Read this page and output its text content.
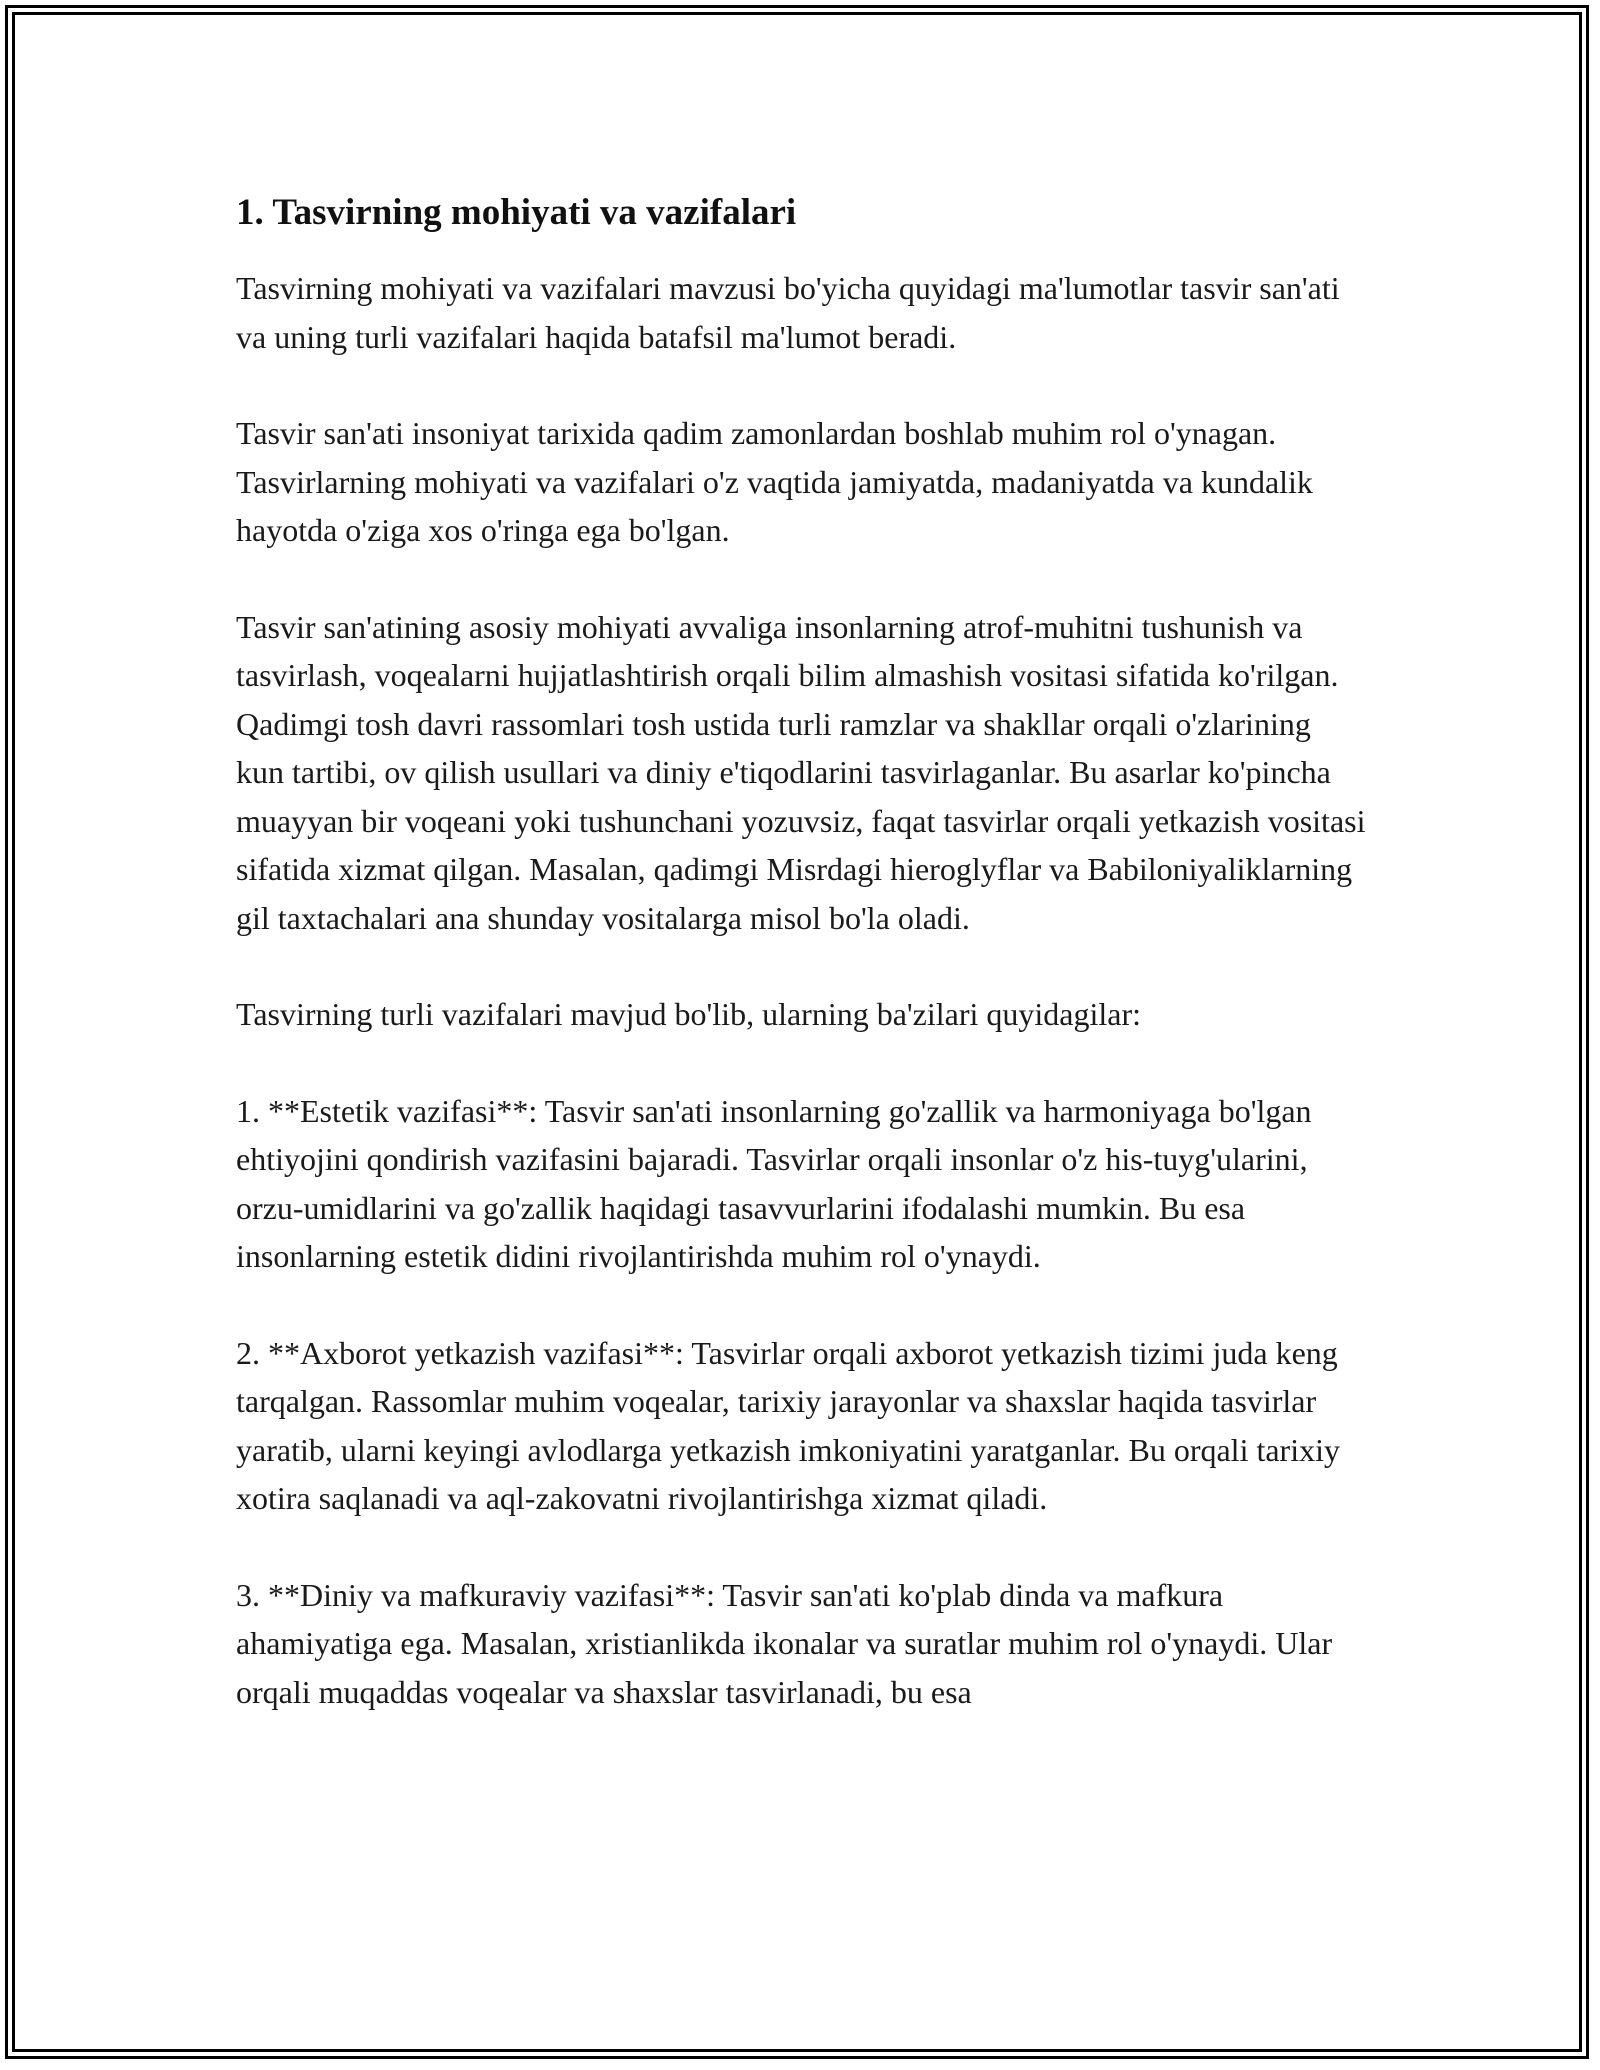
1. Tasvirning mohiyati va vazifalari

Tasvirning mohiyati va vazifalari mavzusi bo'yicha quyidagi ma'lumotlar tasvir san'ati va uning turli vazifalari haqida batafsil ma'lumot beradi.

Tasvir san'ati insoniyat tarixida qadim zamonlardan boshlab muhim rol o'ynagan. Tasvirlarning mohiyati va vazifalari o'z vaqtida jamiyatda, madaniyatda va kundalik hayotda o'ziga xos o'ringa ega bo'lgan.

Tasvir san'atining asosiy mohiyati avvaliga insonlarning atrof-muhitni tushunish va tasvirlash, voqealarni hujjatlashtirish orqali bilim almashish vositasi sifatida ko'rilgan. Qadimgi tosh davri rassomlari tosh ustida turli ramzlar va shakllar orqali o'zlarining kun tartibi, ov qilish usullari va diniy e'tiqodlarini tasvirlaganlar. Bu asarlar ko'pincha muayyan bir voqeani yoki tushunchani yozuvsiz, faqat tasvirlar orqali yetkazish vositasi sifatida xizmat qilgan. Masalan, qadimgi Misrdagi hieroglyflar va Babiloniyaliklarning gil taxtachalari ana shunday vositalarga misol bo'la oladi.

Tasvirning turli vazifalari mavjud bo'lib, ularning ba'zilari quyidagilar:

1. **Estetik vazifasi**: Tasvir san'ati insonlarning go'zallik va harmoniyaga bo'lgan ehtiyojini qondirish vazifasini bajaradi. Tasvirlar orqali insonlar o'z his-tuyg'ularini, orzu-umidlarini va go'zallik haqidagi tasavvurlarini ifodalashi mumkin. Bu esa insonlarning estetik didini rivojlantirishda muhim rol o'ynaydi.

2. **Axborot yetkazish vazifasi**: Tasvirlar orqali axborot yetkazish tizimi juda keng tarqalgan. Rassomlar muhim voqealar, tarixiy jarayonlar va shaxslar haqida tasvirlar yaratib, ularni keyingi avlodlarga yetkazish imkoniyatini yaratganlar. Bu orqali tarixiy xotira saqlanadi va aql-zakovatni rivojlantirishga xizmat qiladi.

3. **Diniy va mafkuraviy vazifasi**: Tasvir san'ati ko'plab dinda va mafkura ahamiyatiga ega. Masalan, xristianlikda ikonalar va suratlar muhim rol o'ynaydi. Ular orqali muqaddas voqealar va shaxslar tasvirlanadi, bu esa
